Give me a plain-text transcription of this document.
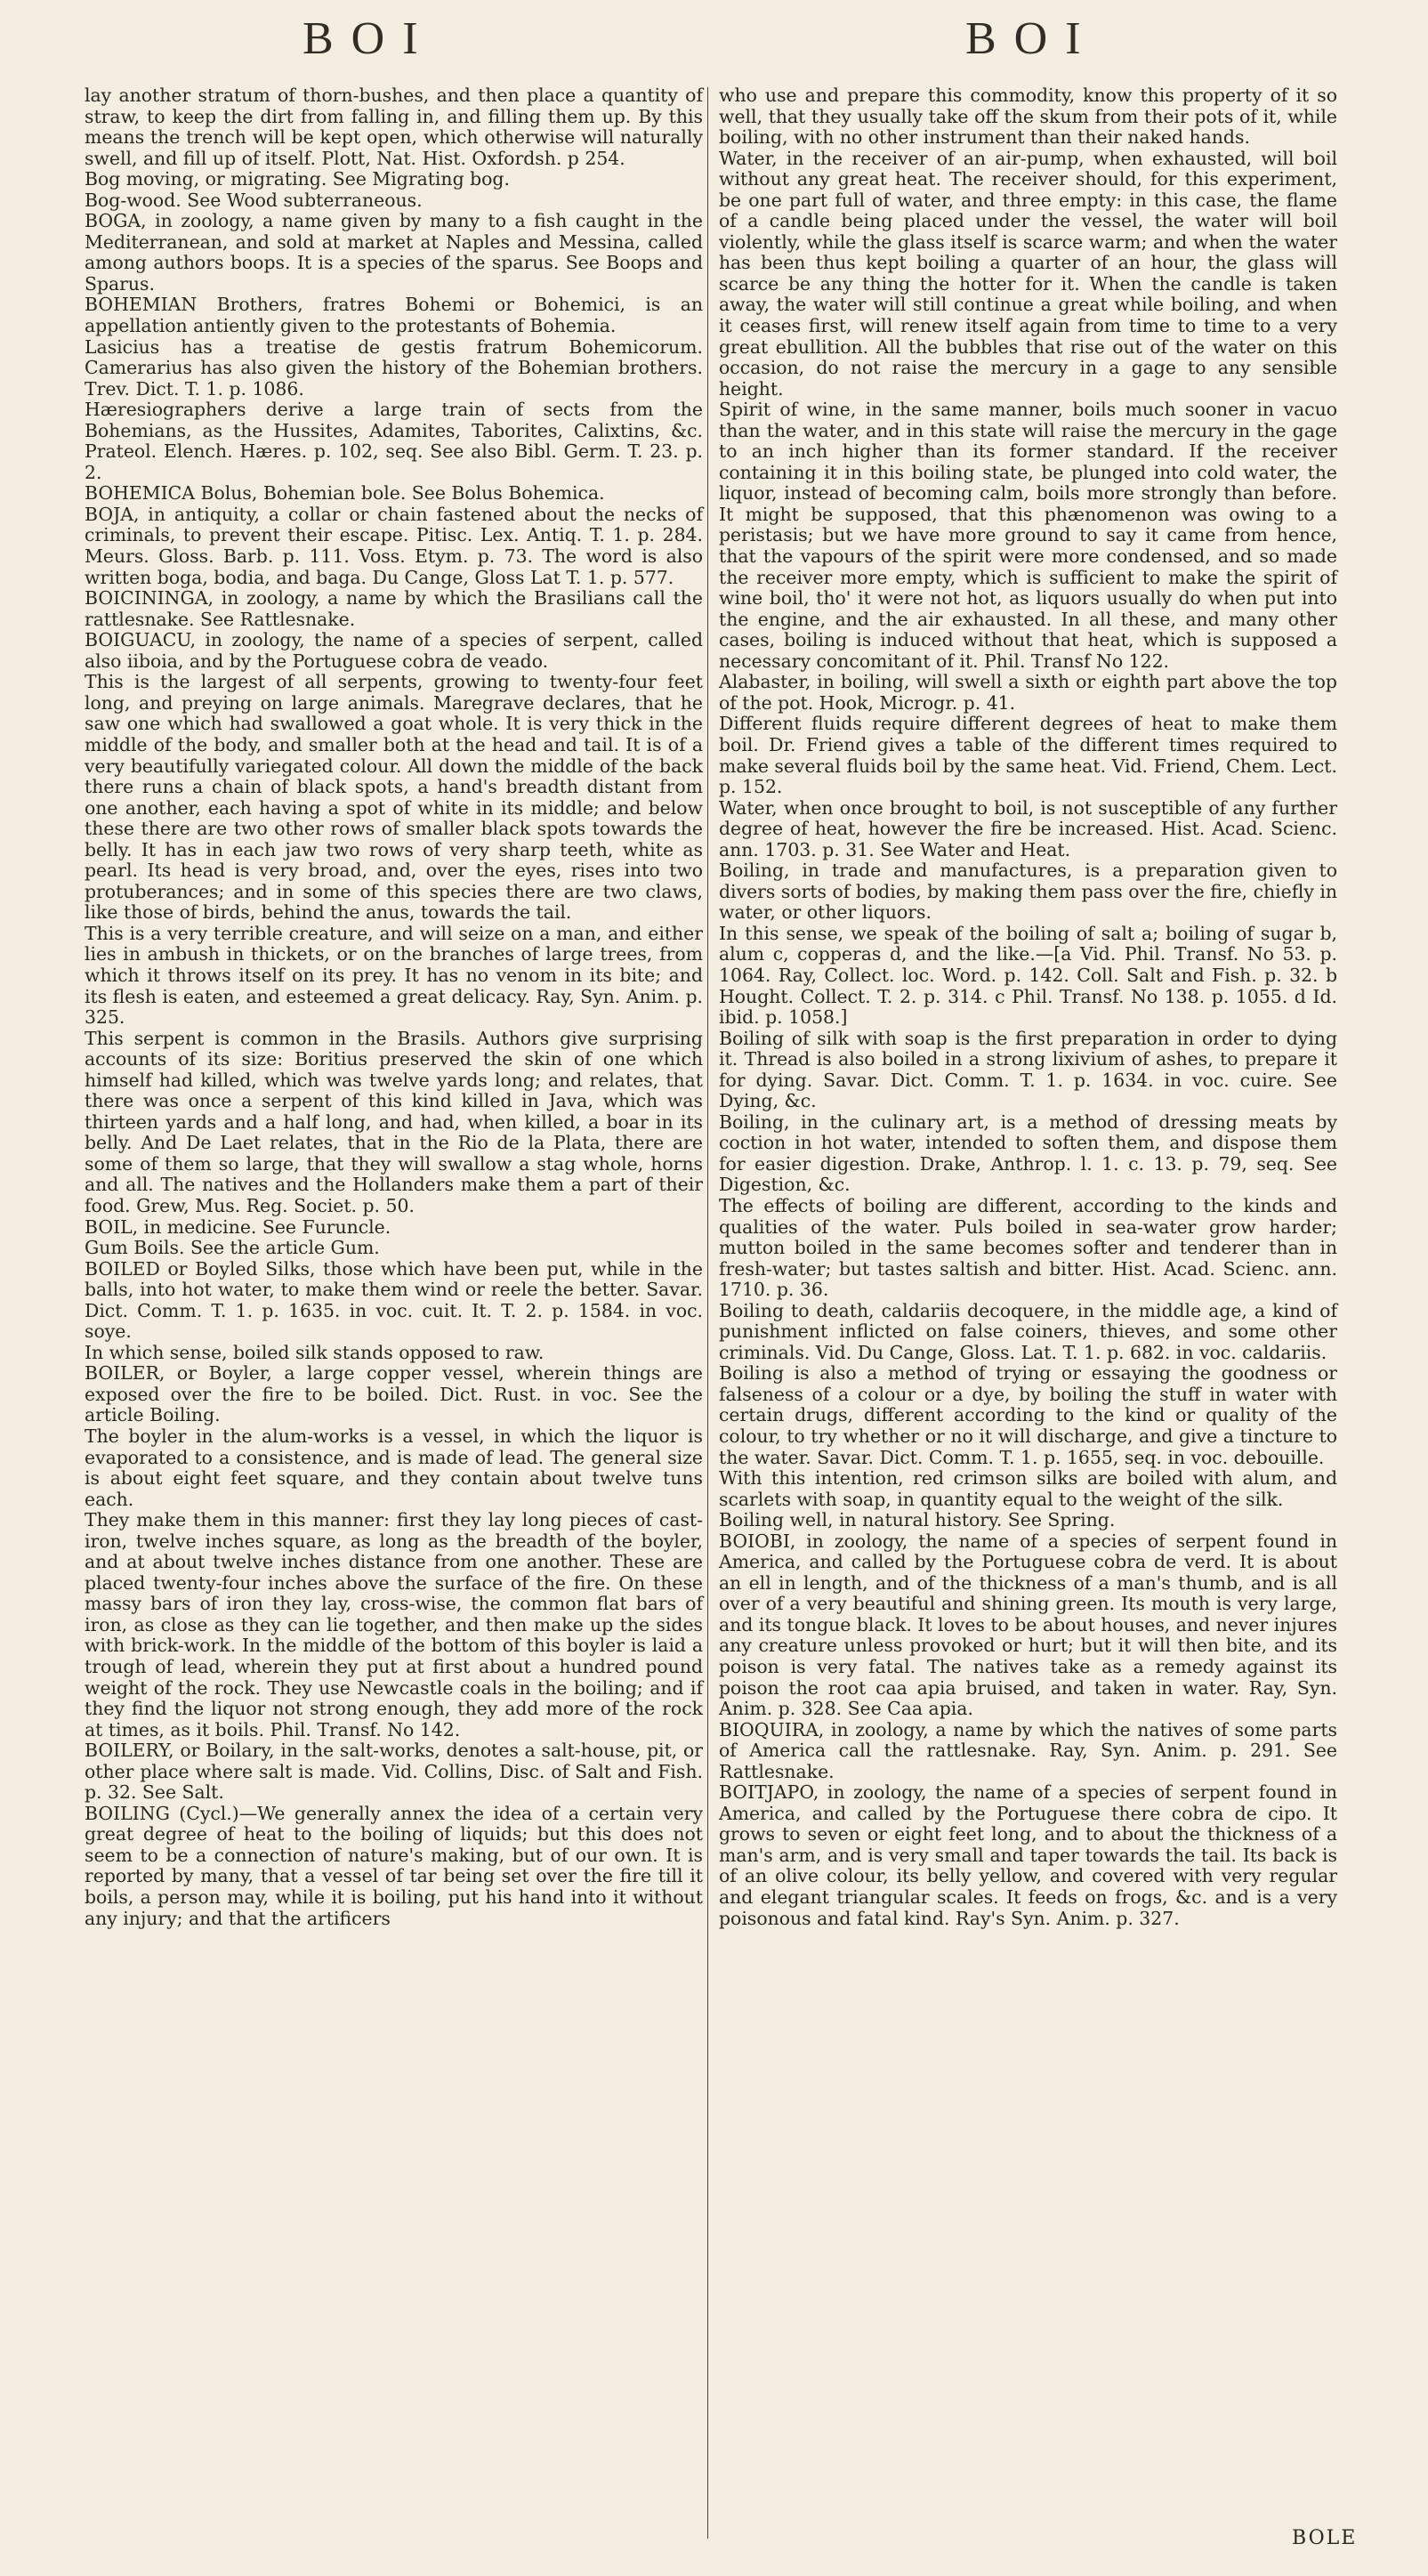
BOI	BOI

lay another stratum of thorn-bushes, and then place a quantity of straw, to keep the dirt from falling in, and filling them up. By this means the trench will be kept open, which otherwise will naturally swell, and fill up of itself. Plott, Nat. Hist. Oxfordsh. p 254.

Bog moving, or migrating. See Migrating bog.

Bog-wood. See Wood subterraneous.

BOGA, in zoology, a name given by many to a fish caught in the Mediterranean, and sold at market at Naples and Messina, called among authors boops. It is a species of the sparus. See Boops and Sparus.

BOHEMIAN Brothers, fratres Bohemi or Bohemici, is an appellation antiently given to the protestants of Bohemia.

Lasicius has a treatise de gestis fratrum Bohemicorum. Camerarius has also given the history of the Bohemian brothers. Trev. Dict. T. 1. p. 1086.

Hæresiographers derive a large train of sects from the Bohemians, as the Hussites, Adamites, Taborites, Calixtins, &c. Prateol. Elench. Hæres. p. 102, seq. See also Bibl. Germ. T. 23. p. 2.

BOHEMICA Bolus, Bohemian bole. See Bolus Bohemica.

BOJA, in antiquity, a collar or chain fastened about the necks of criminals, to prevent their escape. Pitisc. Lex. Antiq. T. 1. p. 284. Meurs. Gloss. Barb. p. 111. Voss. Etym. p. 73. The word is also written boga, bodia, and baga. Du Cange, Gloss Lat T. 1. p. 577.

BOICININGA, in zoology, a name by which the Brasilians call the rattlesnake. See Rattlesnake.

BOIGUACU, in zoology, the name of a species of serpent, called also iiboia, and by the Portuguese cobra de veado.

This is the largest of all serpents, growing to twenty-four feet long, and preying on large animals. Maregrave declares, that he saw one which had swallowed a goat whole. It is very thick in the middle of the body, and smaller both at the head and tail. It is of a very beautifully variegated colour. All down the middle of the back there runs a chain of black spots, a hand's breadth distant from one another, each having a spot of white in its middle; and below these there are two other rows of smaller black spots towards the belly. It has in each jaw two rows of very sharp teeth, white as pearl. Its head is very broad, and, over the eyes, rises into two protuberances; and in some of this species there are two claws, like those of birds, behind the anus, towards the tail.

This is a very terrible creature, and will seize on a man, and either lies in ambush in thickets, or on the branches of large trees, from which it throws itself on its prey. It has no venom in its bite; and its flesh is eaten, and esteemed a great delicacy. Ray, Syn. Anim. p. 325.

This serpent is common in the Brasils. Authors give surprising accounts of its size: Boritius preserved the skin of one which himself had killed, which was twelve yards long; and relates, that there was once a serpent of this kind killed in Java, which was thirteen yards and a half long, and had, when killed, a boar in its belly. And De Laet relates, that in the Rio de la Plata, there are some of them so large, that they will swallow a stag whole, horns and all. The natives and the Hollanders make them a part of their food. Grew, Mus. Reg. Societ. p. 50.

BOIL, in medicine. See Furuncle.

Gum Boils. See the article Gum.

BOILED or Boyled Silks, those which have been put, while in the balls, into hot water, to make them wind or reele the better. Savar. Dict. Comm. T. 1. p. 1635. in voc. cuit. It. T. 2. p. 1584. in voc. soye.

In which sense, boiled silk stands opposed to raw.

BOILER, or Boyler, a large copper vessel, wherein things are exposed over the fire to be boiled. Dict. Rust. in voc. See the article Boiling.

The boyler in the alum-works is a vessel, in which the liquor is evaporated to a consistence, and is made of lead. The general size is about eight feet square, and they contain about twelve tuns each.

They make them in this manner: first they lay long pieces of cast-iron, twelve inches square, as long as the breadth of the boyler, and at about twelve inches distance from one another. These are placed twenty-four inches above the surface of the fire. On these massy bars of iron they lay, cross-wise, the common flat bars of iron, as close as they can lie together, and then make up the sides with brick-work. In the middle of the bottom of this boyler is laid a trough of lead, wherein they put at first about a hundred pound weight of the rock. They use Newcastle coals in the boiling; and if they find the liquor not strong enough, they add more of the rock at times, as it boils. Phil. Transf. No 142.

BOILERY, or Boilary, in the salt-works, denotes a salt-house, pit, or other place where salt is made. Vid. Collins, Disc. of Salt and Fish. p. 32. See Salt.

BOILING (Cycl.)—We generally annex the idea of a certain very great degree of heat to the boiling of liquids; but this does not seem to be a connection of nature's making, but of our own. It is reported by many, that a vessel of tar being set over the fire till it boils, a person may, while it is boiling, put his hand into it without any injury; and that the artificers

who use and prepare this commodity, know this property of it so well, that they usually take off the skum from their pots of it, while boiling, with no other instrument than their naked hands.

Water, in the receiver of an air-pump, when exhausted, will boil without any great heat. The receiver should, for this experiment, be one part full of water, and three empty: in this case, the flame of a candle being placed under the vessel, the water will boil violently, while the glass itself is scarce warm; and when the water has been thus kept boiling a quarter of an hour, the glass will scarce be any thing the hotter for it. When the candle is taken away, the water will still continue a great while boiling, and when it ceases first, will renew itself again from time to time to a very great ebullition. All the bubbles that rise out of the water on this occasion, do not raise the mercury in a gage to any sensible height.

Spirit of wine, in the same manner, boils much sooner in vacuo than the water, and in this state will raise the mercury in the gage to an inch higher than its former standard. If the receiver containing it in this boiling state, be plunged into cold water, the liquor, instead of becoming calm, boils more strongly than before. It might be supposed, that this phænomenon was owing to a peristasis; but we have more ground to say it came from hence, that the vapours of the spirit were more condensed, and so made the receiver more empty, which is sufficient to make the spirit of wine boil, tho' it were not hot, as liquors usually do when put into the engine, and the air exhausted. In all these, and many other cases, boiling is induced without that heat, which is supposed a necessary concomitant of it. Phil. Transf No 122.

Alabaster, in boiling, will swell a sixth or eighth part above the top of the pot. Hook, Microgr. p. 41.

Different fluids require different degrees of heat to make them boil. Dr. Friend gives a table of the different times required to make several fluids boil by the same heat. Vid. Friend, Chem. Lect. p. 152.

Water, when once brought to boil, is not susceptible of any further degree of heat, however the fire be increased. Hist. Acad. Scienc. ann. 1703. p. 31. See Water and Heat.

Boiling, in trade and manufactures, is a preparation given to divers sorts of bodies, by making them pass over the fire, chiefly in water, or other liquors.

In this sense, we speak of the boiling of salt a; boiling of sugar b, alum c, copperas d, and the like.—[a Vid. Phil. Transf. No 53. p. 1064. Ray, Collect. loc. Word. p. 142. Coll. Salt and Fish. p. 32. b Hought. Collect. T. 2. p. 314. c Phil. Transf. No 138. p. 1055. d Id. ibid. p. 1058.]

Boiling of silk with soap is the first preparation in order to dying it. Thread is also boiled in a strong lixivium of ashes, to prepare it for dying. Savar. Dict. Comm. T. 1. p. 1634. in voc. cuire. See Dying, &c.

Boiling, in the culinary art, is a method of dressing meats by coction in hot water, intended to soften them, and dispose them for easier digestion. Drake, Anthrop. l. 1. c. 13. p. 79, seq. See Digestion, &c.

The effects of boiling are different, according to the kinds and qualities of the water. Puls boiled in sea-water grow harder; mutton boiled in the same becomes softer and tenderer than in fresh-water; but tastes saltish and bitter. Hist. Acad. Scienc. ann. 1710. p. 36.

Boiling to death, caldariis decoquere, in the middle age, a kind of punishment inflicted on false coiners, thieves, and some other criminals. Vid. Du Cange, Gloss. Lat. T. 1. p. 682. in voc. caldariis.

Boiling is also a method of trying or essaying the goodness or falseness of a colour or a dye, by boiling the stuff in water with certain drugs, different according to the kind or quality of the colour, to try whether or no it will discharge, and give a tincture to the water. Savar. Dict. Comm. T. 1. p. 1655, seq. in voc. debouille.

With this intention, red crimson silks are boiled with alum, and scarlets with soap, in quantity equal to the weight of the silk.

Boiling well, in natural history. See Spring.

BOIOBI, in zoology, the name of a species of serpent found in America, and called by the Portuguese cobra de verd. It is about an ell in length, and of the thickness of a man's thumb, and is all over of a very beautiful and shining green. Its mouth is very large, and its tongue black. It loves to be about houses, and never injures any creature unless provoked or hurt; but it will then bite, and its poison is very fatal. The natives take as a remedy against its poison the root caa apia bruised, and taken in water. Ray, Syn. Anim. p. 328. See Caa apia.

BIOQUIRA, in zoology, a name by which the natives of some parts of America call the rattlesnake. Ray, Syn. Anim. p. 291. See Rattlesnake.

BOITJAPO, in zoology, the name of a species of serpent found in America, and called by the Portuguese there cobra de cipo. It grows to seven or eight feet long, and to about the thickness of a man's arm, and is very small and taper towards the tail. Its back is of an olive colour, its belly yellow, and covered with very regular and elegant triangular scales. It feeds on frogs, &c. and is a very poisonous and fatal kind. Ray's Syn. Anim. p. 327.

BOLE
